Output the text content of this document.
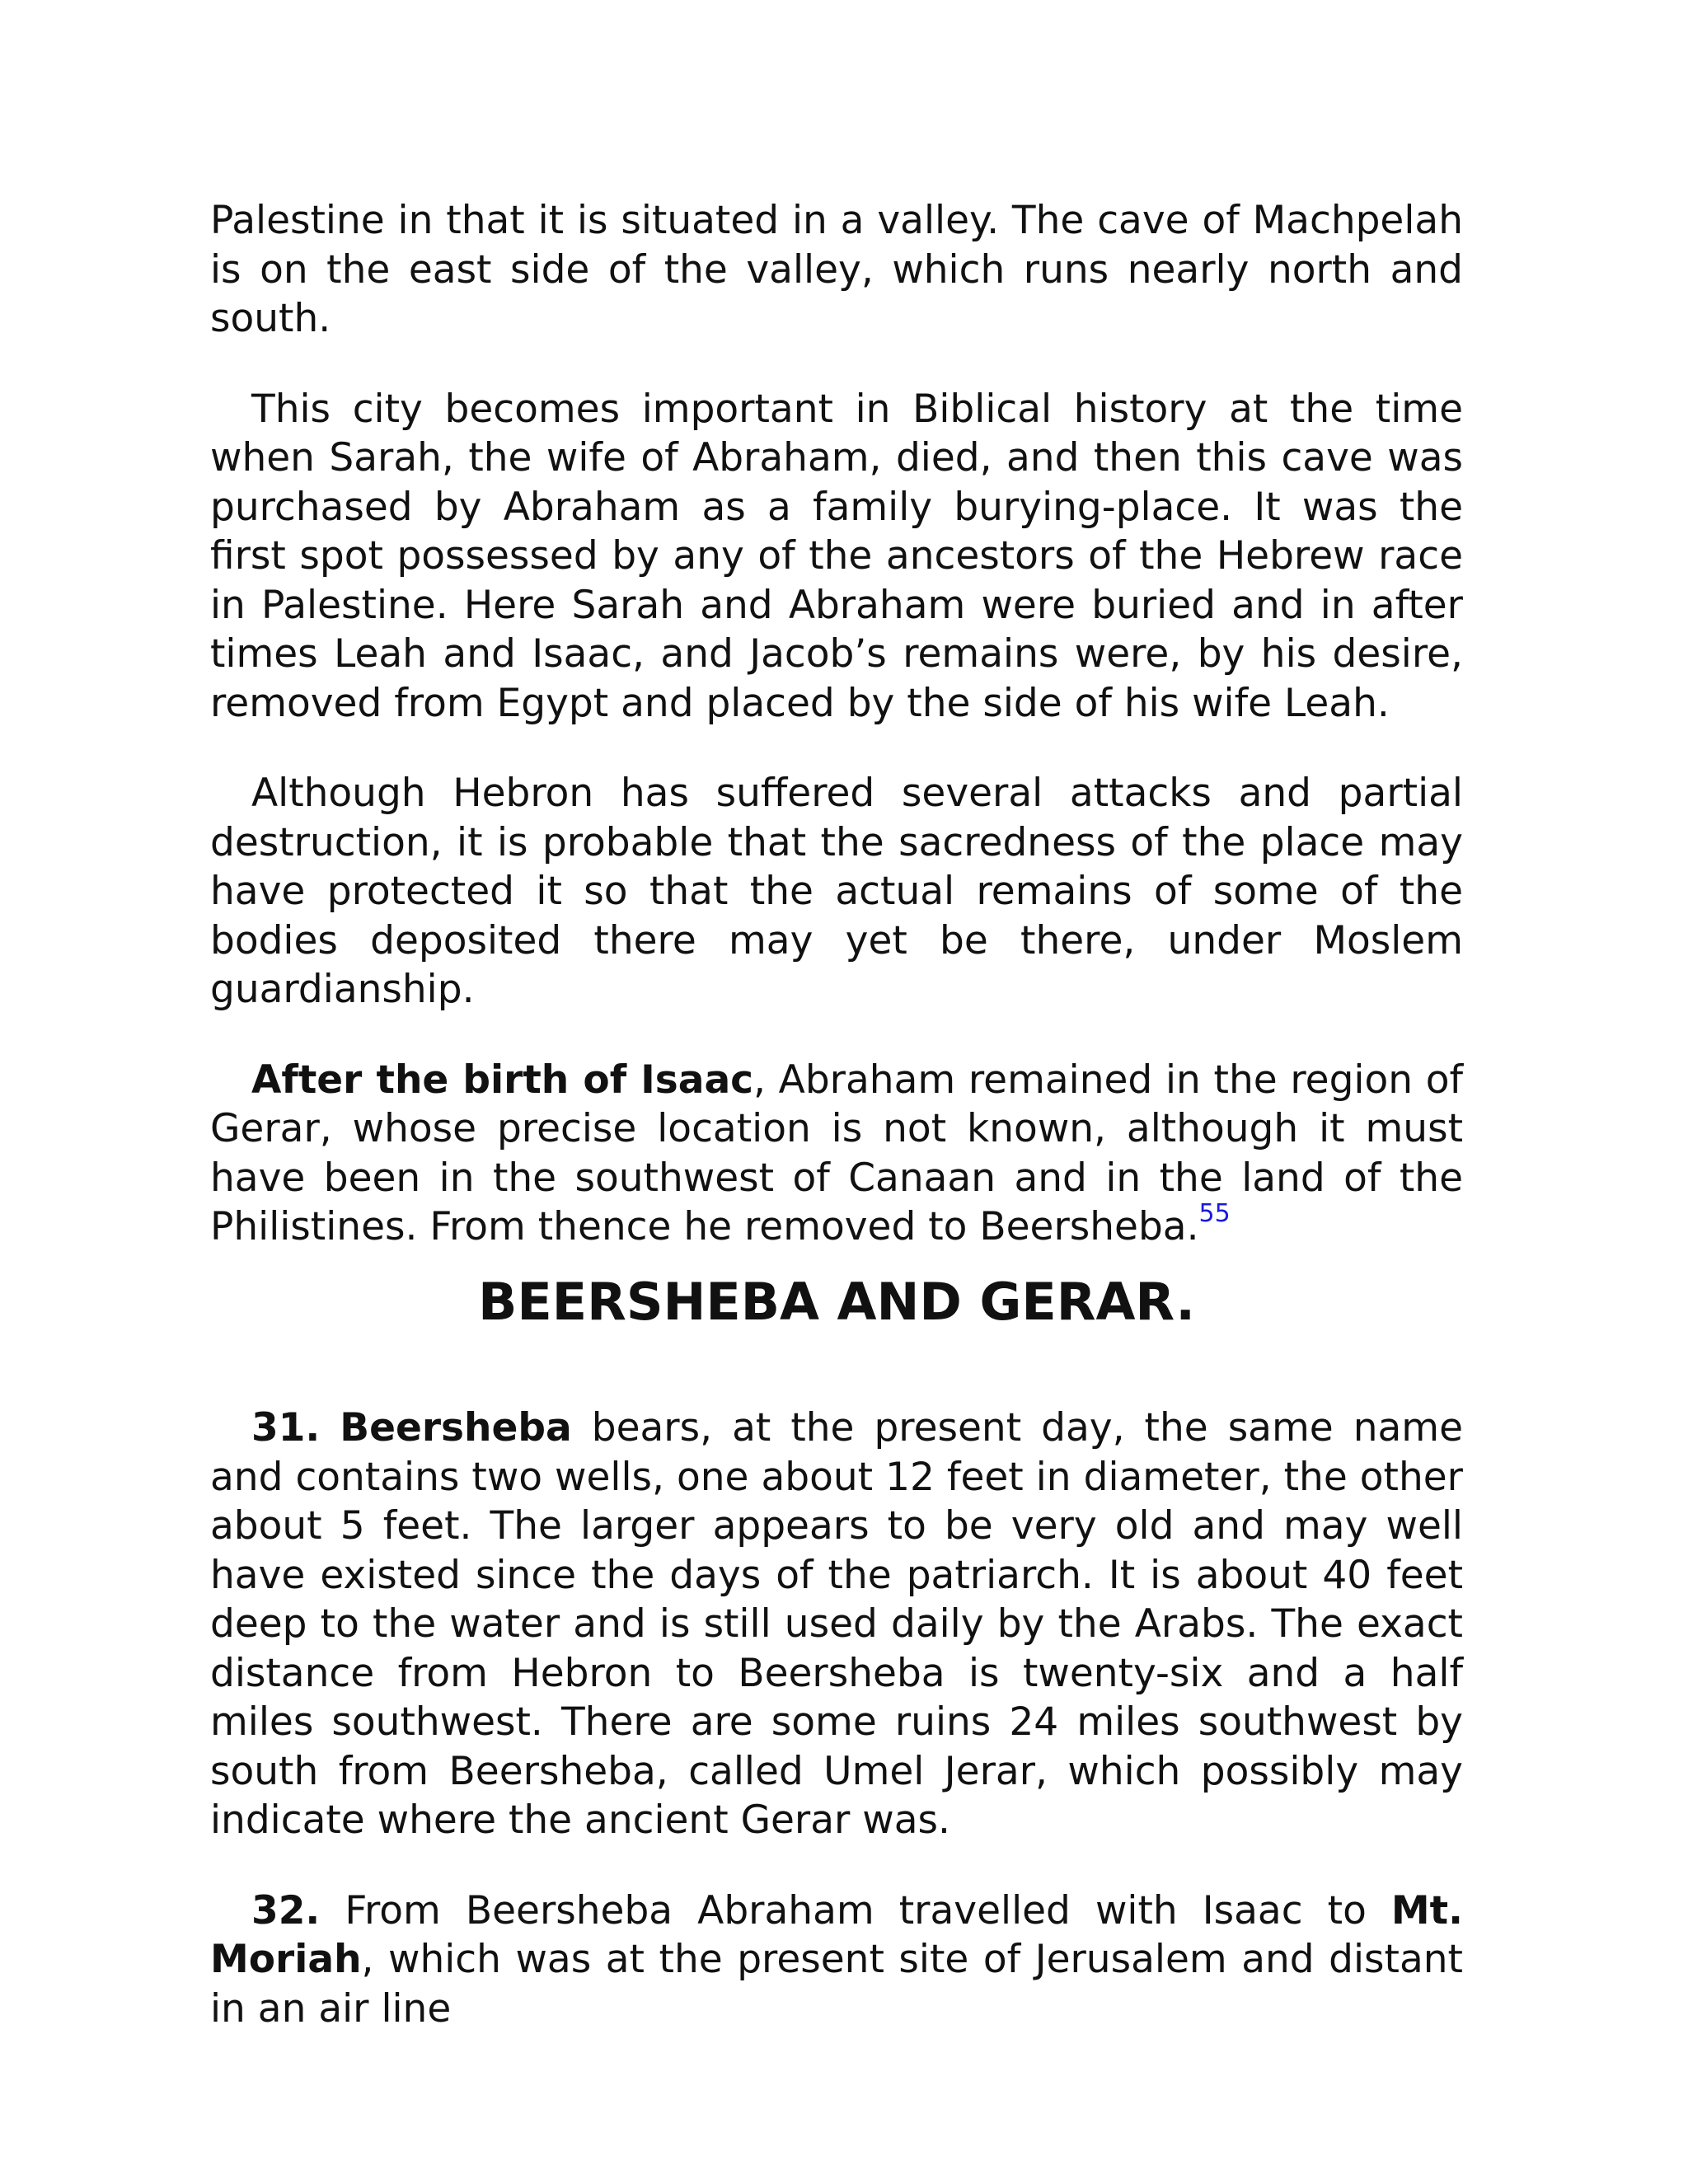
Palestine in that it is situated in a valley. The cave of Machpelah is on the east side of the valley, which runs nearly north and south.

This city becomes important in Biblical history at the time when Sarah, the wife of Abraham, died, and then this cave was purchased by Abraham as a family burying-place. It was the first spot possessed by any of the ancestors of the Hebrew race in Palestine. Here Sarah and Abraham were buried and in after times Leah and Isaac, and Jacob’s remains were, by his desire, removed from Egypt and placed by the side of his wife Leah.

Although Hebron has suffered several attacks and partial destruction, it is probable that the sacredness of the place may have protected it so that the actual remains of some of the bodies deposited there may yet be there, under Moslem guardianship.

After the birth of Isaac, Abraham remained in the region of Gerar, whose precise location is not known, although it must have been in the southwest of Canaan and in the land of the Philistines. From thence he removed to Beersheba.$^{55}$

BEERSHEBA AND GERAR.

31. Beersheba bears, at the present day, the same name and contains two wells, one about 12 feet in diameter, the other about 5 feet. The larger appears to be very old and may well have existed since the days of the patriarch. It is about 40 feet deep to the water and is still used daily by the Arabs. The exact distance from Hebron to Beersheba is twenty-six and a half miles southwest. There are some ruins 24 miles southwest by south from Beersheba, called Umel Jerar, which possibly may indicate where the ancient Gerar was.

32. From Beersheba Abraham travelled with Isaac to Mt. Moriah, which was at the present site of Jerusalem and distant in an air line
